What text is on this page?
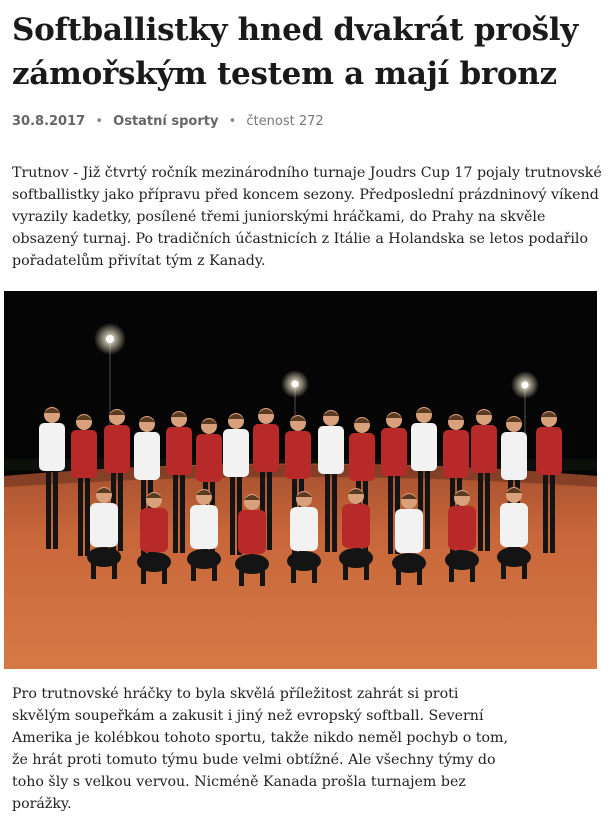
Softballistky hned dvakrát prošly zámořským testem a mají bronz
30.8.2017 • Ostatní sporty • čtenost 272

Trutnov - Již čtvrtý ročník mezinárodního turnaje Joudrs Cup 17 pojaly trutnovské softballistky jako přípravu před koncem sezony. Předposlední prázdninový víkend vyrazily kadetky, posílené třemi juniorskými hráčkami, do Prahy na skvěle obsazený turnaj. Po tradičních účastnicích z Itálie a Holandska se letos podařilo pořadatelům přivítat tým z Kanady.

Pro trutnovské hráčky to byla skvělá příležitost zahrát si proti skvělým soupeřkám a zakusit i jiný než evropský softball. Severní Amerika je kolébkou tohoto sportu, takže nikdo neměl pochyb o tom, že hrát proti tomuto týmu bude velmi obtížné. Ale všechny týmy do toho šly s velkou vervou. Nicméně Kanada prošla turnajem bez porážky.
